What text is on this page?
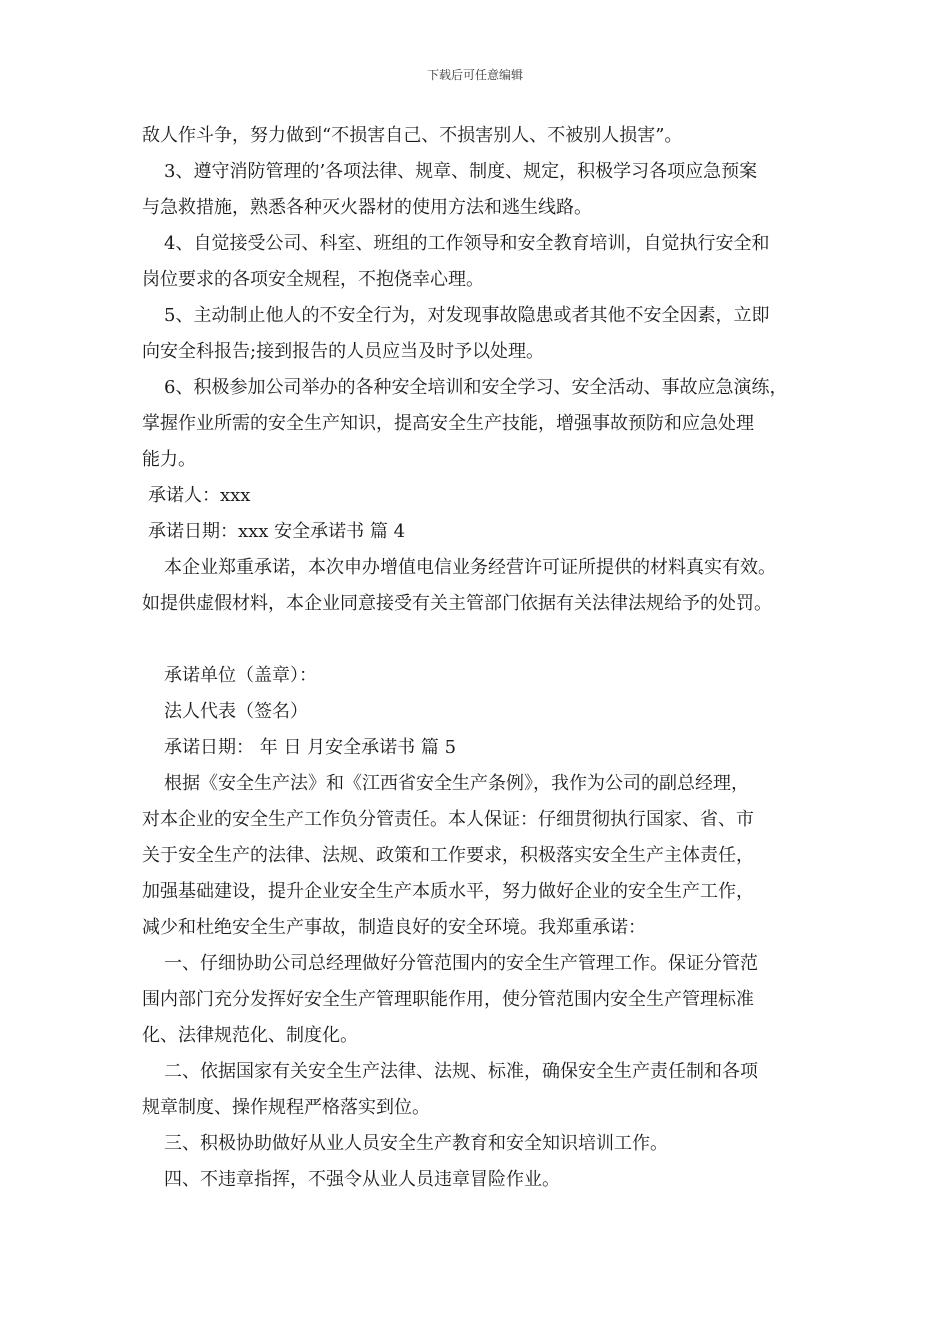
下载后可任意编辑
敌人作斗争，努力做到“不损害自己、不损害别人、不被别人损害”。
3、遵守消防管理的’各项法律、规章、制度、规定，积极学习各项应急预案
与急救措施，熟悉各种灭火器材的使用方法和逃生线路。
4、自觉接受公司、科室、班组的工作领导和安全教育培训，自觉执行安全和
岗位要求的各项安全规程，不抱侥幸心理。
5、主动制止他人的不安全行为，对发现事故隐患或者其他不安全因素，立即
向安全科报告;接到报告的人员应当及时予以处理。
6、积极参加公司举办的各种安全培训和安全学习、安全活动、事故应急演练，
掌握作业所需的安全生产知识，提高安全生产技能，增强事故预防和应急处理
能力。
承诺人：xxx
承诺日期：xxx 安全承诺书 篇 4
本企业郑重承诺，本次申办增值电信业务经营许可证所提供的材料真实有效。
如提供虚假材料，本企业同意接受有关主管部门依据有关法律法规给予的处罚。
承诺单位（盖章）：
法人代表（签名）
承诺日期： 年 日 月安全承诺书 篇 5
根据《安全生产法》和《江西省安全生产条例》，我作为公司的副总经理，
对本企业的安全生产工作负分管责任。本人保证：仔细贯彻执行国家、省、市
关于安全生产的法律、法规、政策和工作要求，积极落实安全生产主体责任，
加强基础建设，提升企业安全生产本质水平，努力做好企业的安全生产工作，
减少和杜绝安全生产事故，制造良好的安全环境。我郑重承诺：
一、仔细协助公司总经理做好分管范围内的安全生产管理工作。保证分管范
围内部门充分发挥好安全生产管理职能作用，使分管范围内安全生产管理标准
化、法律规范化、制度化。
二、依据国家有关安全生产法律、法规、标准，确保安全生产责任制和各项
规章制度、操作规程严格落实到位。
三、积极协助做好从业人员安全生产教育和安全知识培训工作。
四、不违章指挥，不强令从业人员违章冒险作业。
